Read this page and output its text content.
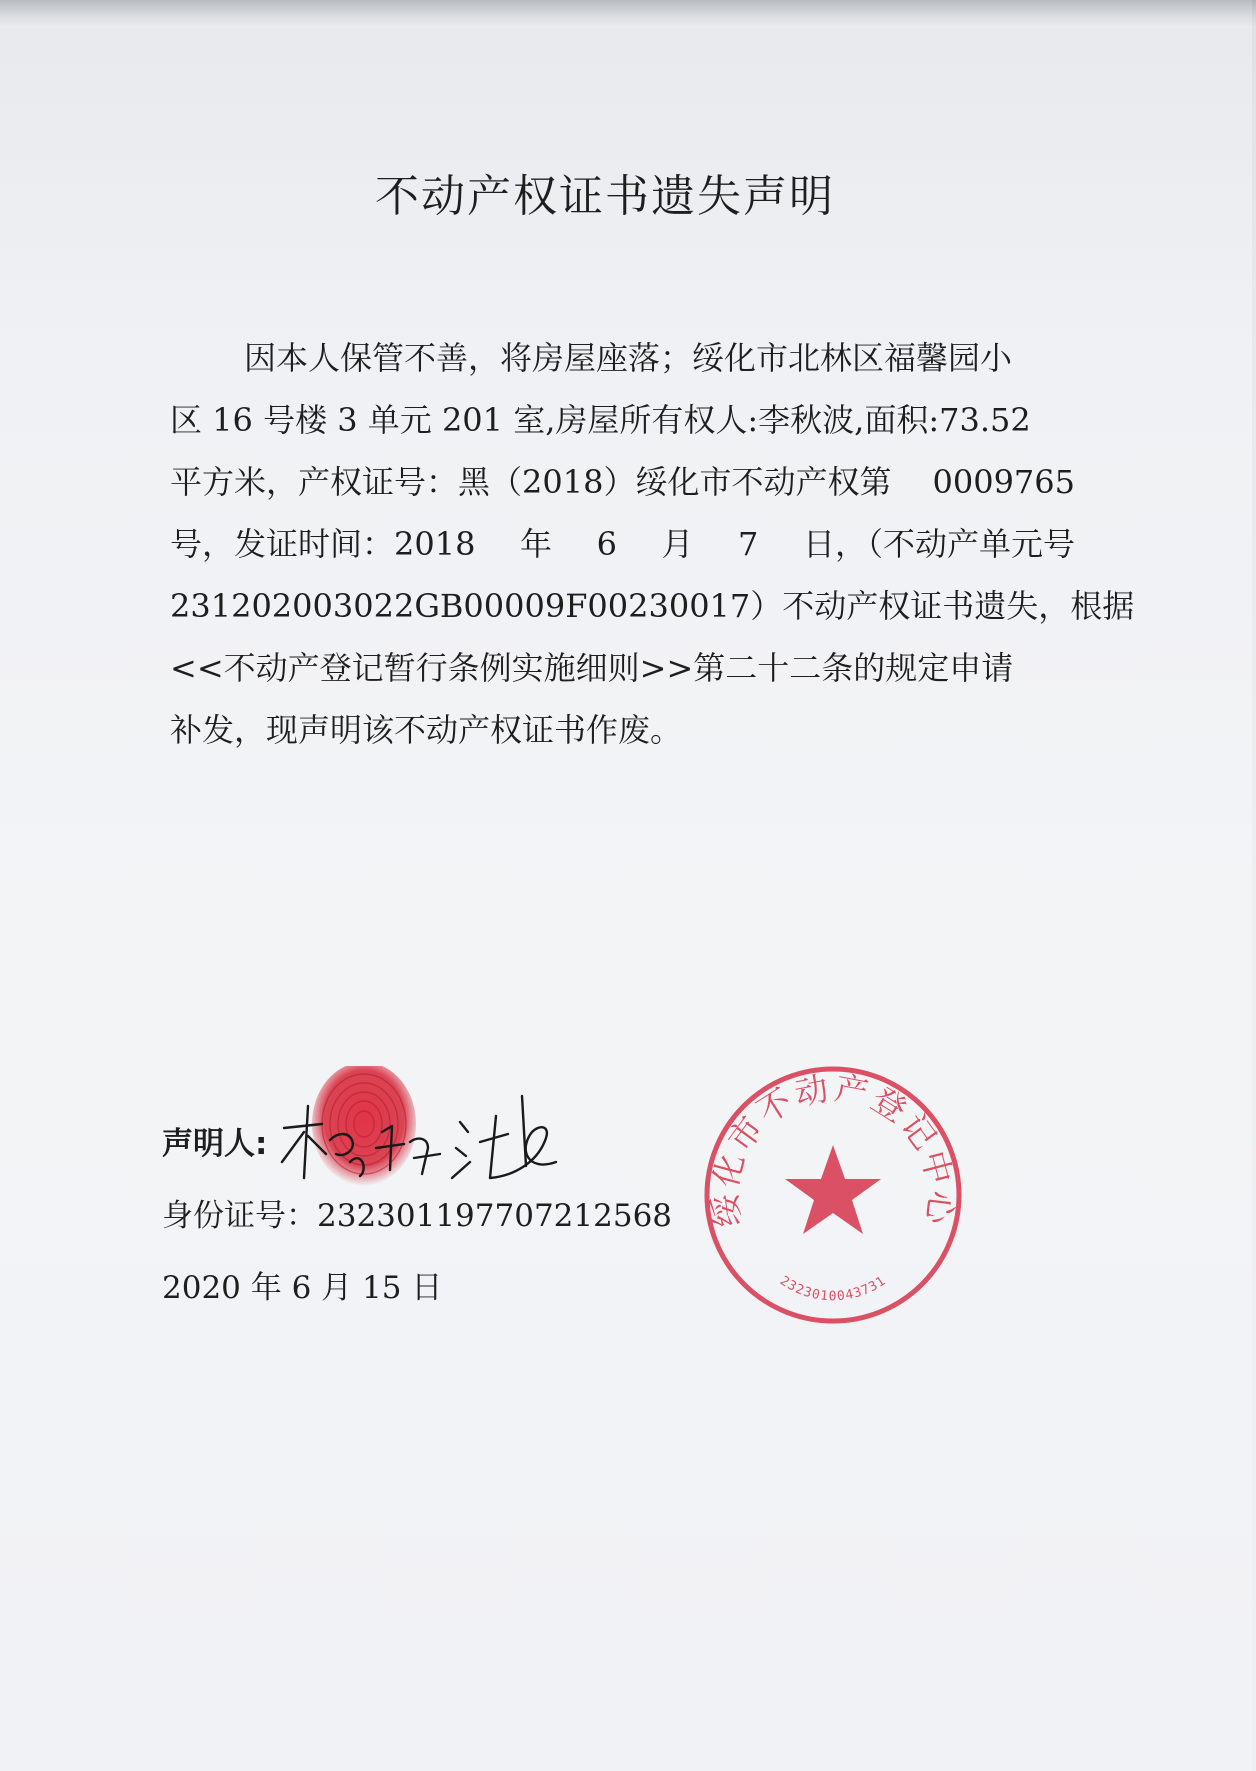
不动产权证书遗失声明
因本人保管不善，将房屋座落；绥化市北林区福馨园小
区 16 号楼 3 单元 201 室,房屋所有权人:李秋波,面积:73.52
平方米，产权证号：黑（2018）绥化市不动产权第 0009765
号，发证时间：2018 年 6 月 7 日，（不动产单元号
231202003022GB00009F00230017）不动产权证书遗失，根据
<<不动产登记暂行条例实施细则>>第二十二条的规定申请
补发，现声明该不动产权证书作废。
声明人:
身份证号：232301197707212568
2020 年 6 月 15 日
绥化市不动产登记中心
2323010043731
